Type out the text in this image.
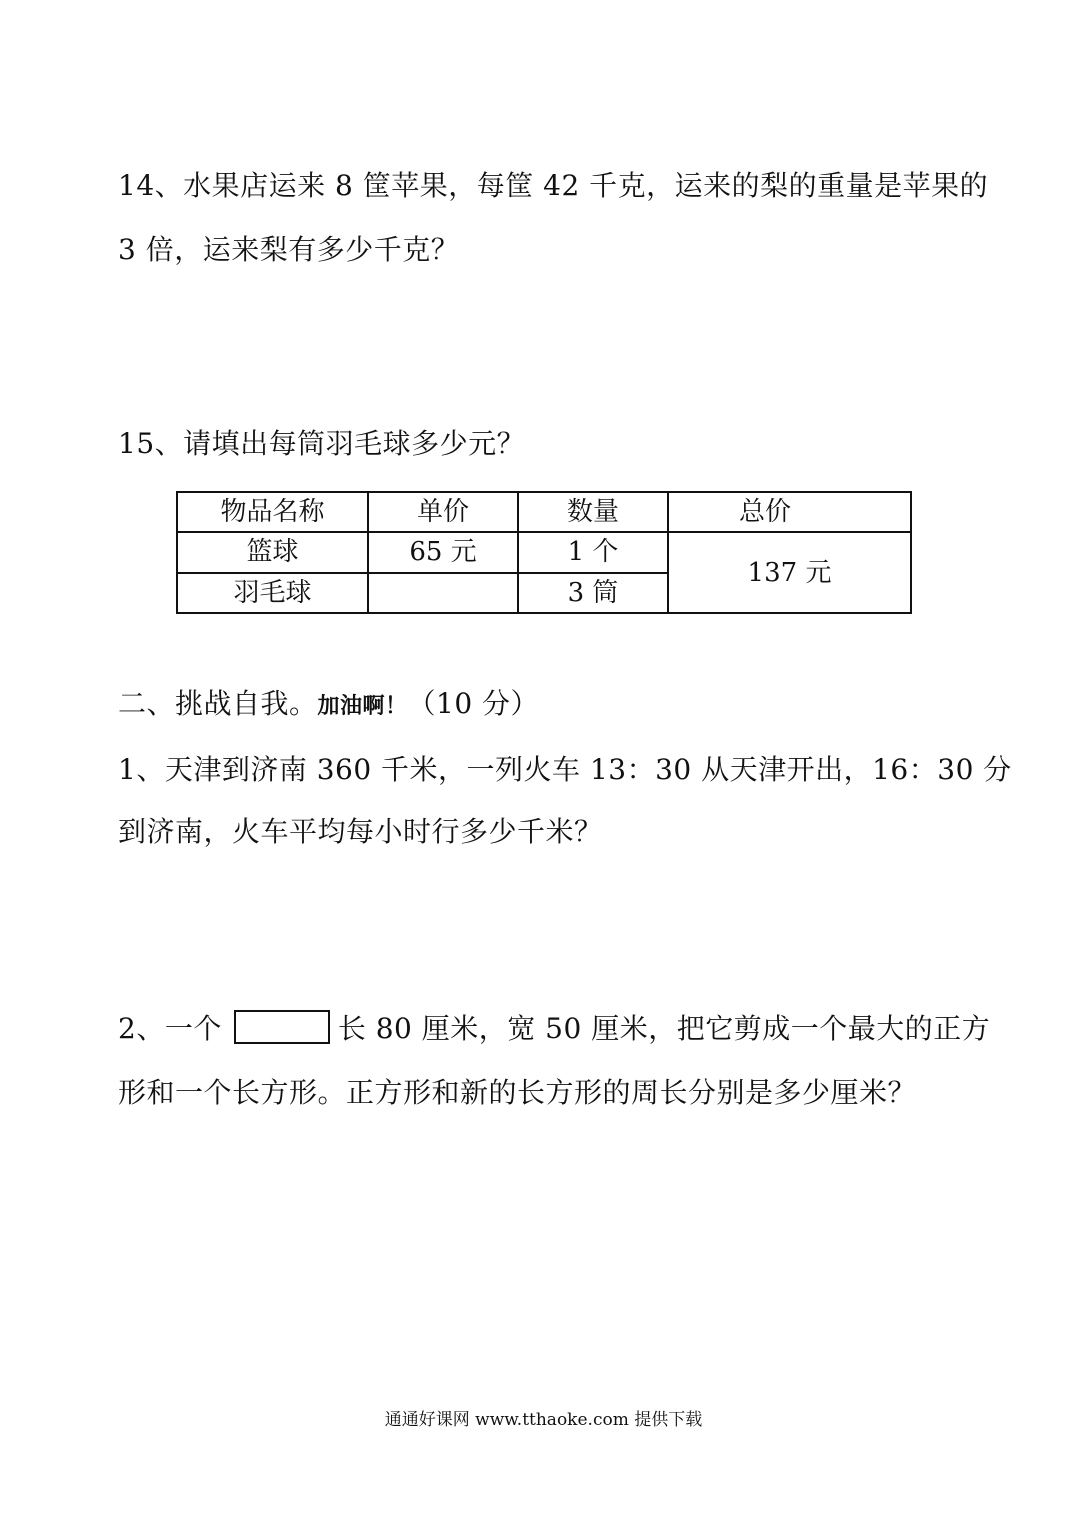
14、水果店运来 8 筐苹果，每筐 42 千克，运来的梨的重量是苹果的
3 倍，运来梨有多少千克？
15、请填出每筒羽毛球多少元？
物品名称	单价	数量	总价
篮球	65 元	1 个	137 元
羽毛球		3 筒	
二、挑战自我。加油啊！（10 分）
1、天津到济南 360 千米，一列火车 13：30 从天津开出，16：30 分
到济南，火车平均每小时行多少千米？
2、一个	长 80 厘米，宽 50 厘米，把它剪成一个最大的正方
形和一个长方形。正方形和新的长方形的周长分别是多少厘米？
通通好课网 www.tthaoke.com 提供下载
